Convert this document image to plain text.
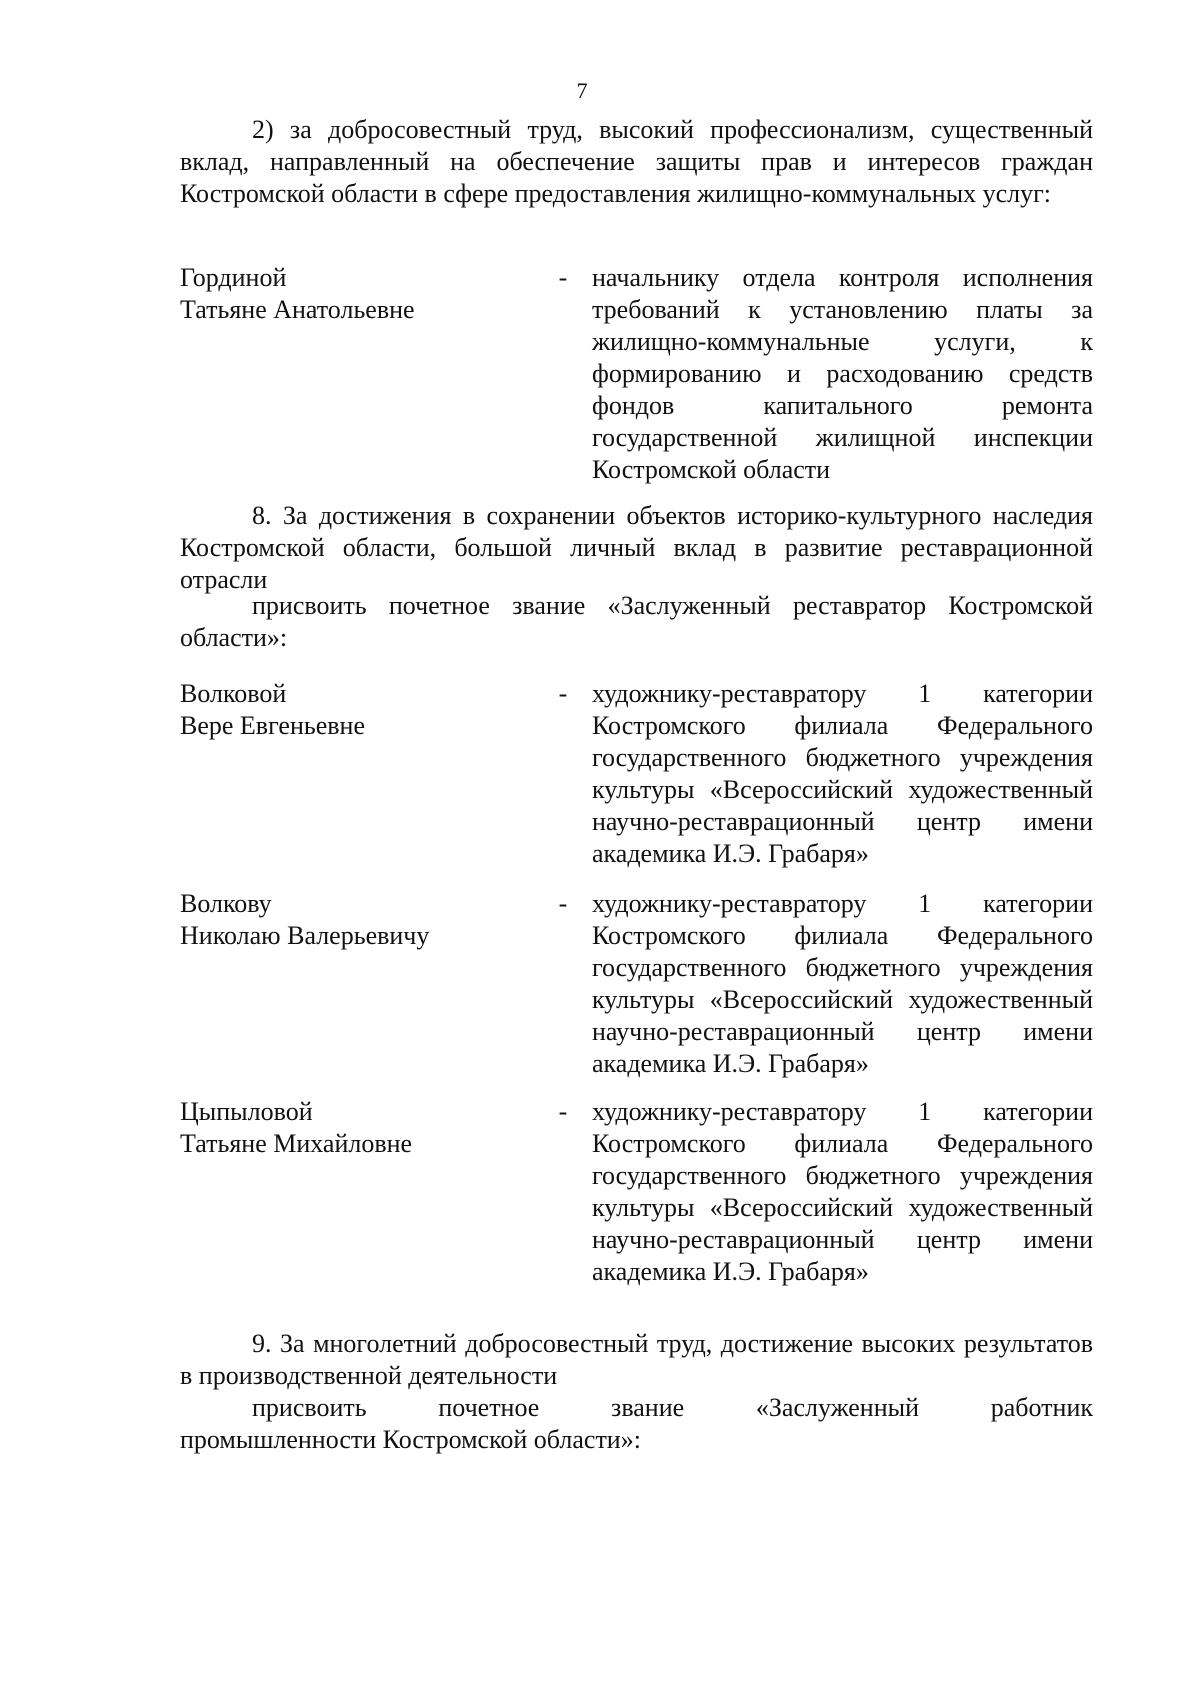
7

2) за добросовестный труд, высокий профессионализм, существенный вклад, направленный на обеспечение защиты прав и интересов граждан Костромской области в сфере предоставления жилищно-коммунальных услуг:

Гординой
Татьяне Анатольевне
- начальнику отдела контроля исполнения требований к установлению платы за жилищно-коммунальные услуги, к формированию и расходованию средств фондов капитального ремонта государственной жилищной инспекции Костромской области

8. За достижения в сохранении объектов историко-культурного наследия Костромской области, большой личный вклад в развитие реставрационной отрасли

присвоить почетное звание «Заслуженный реставратор Костромской области»:

Волковой
Вере Евгеньевне
- художнику-реставратору 1 категории Костромского филиала Федерального государственного бюджетного учреждения культуры «Всероссийский художественный научно-реставрационный центр имени академика И.Э. Грабаря»
Волкову
Николаю Валерьевичу
- художнику-реставратору 1 категории Костромского филиала Федерального государственного бюджетного учреждения культуры «Всероссийский художественный научно-реставрационный центр имени академика И.Э. Грабаря»
Цыпыловой
Татьяне Михайловне
- художнику-реставратору 1 категории Костромского филиала Федерального государственного бюджетного учреждения культуры «Всероссийский художественный научно-реставрационный центр имени академика И.Э. Грабаря»

9. За многолетний добросовестный труд, достижение высоких результатов в производственной деятельности

присвоить почетное звание «Заслуженный работник

промышленности Костромской области»:
